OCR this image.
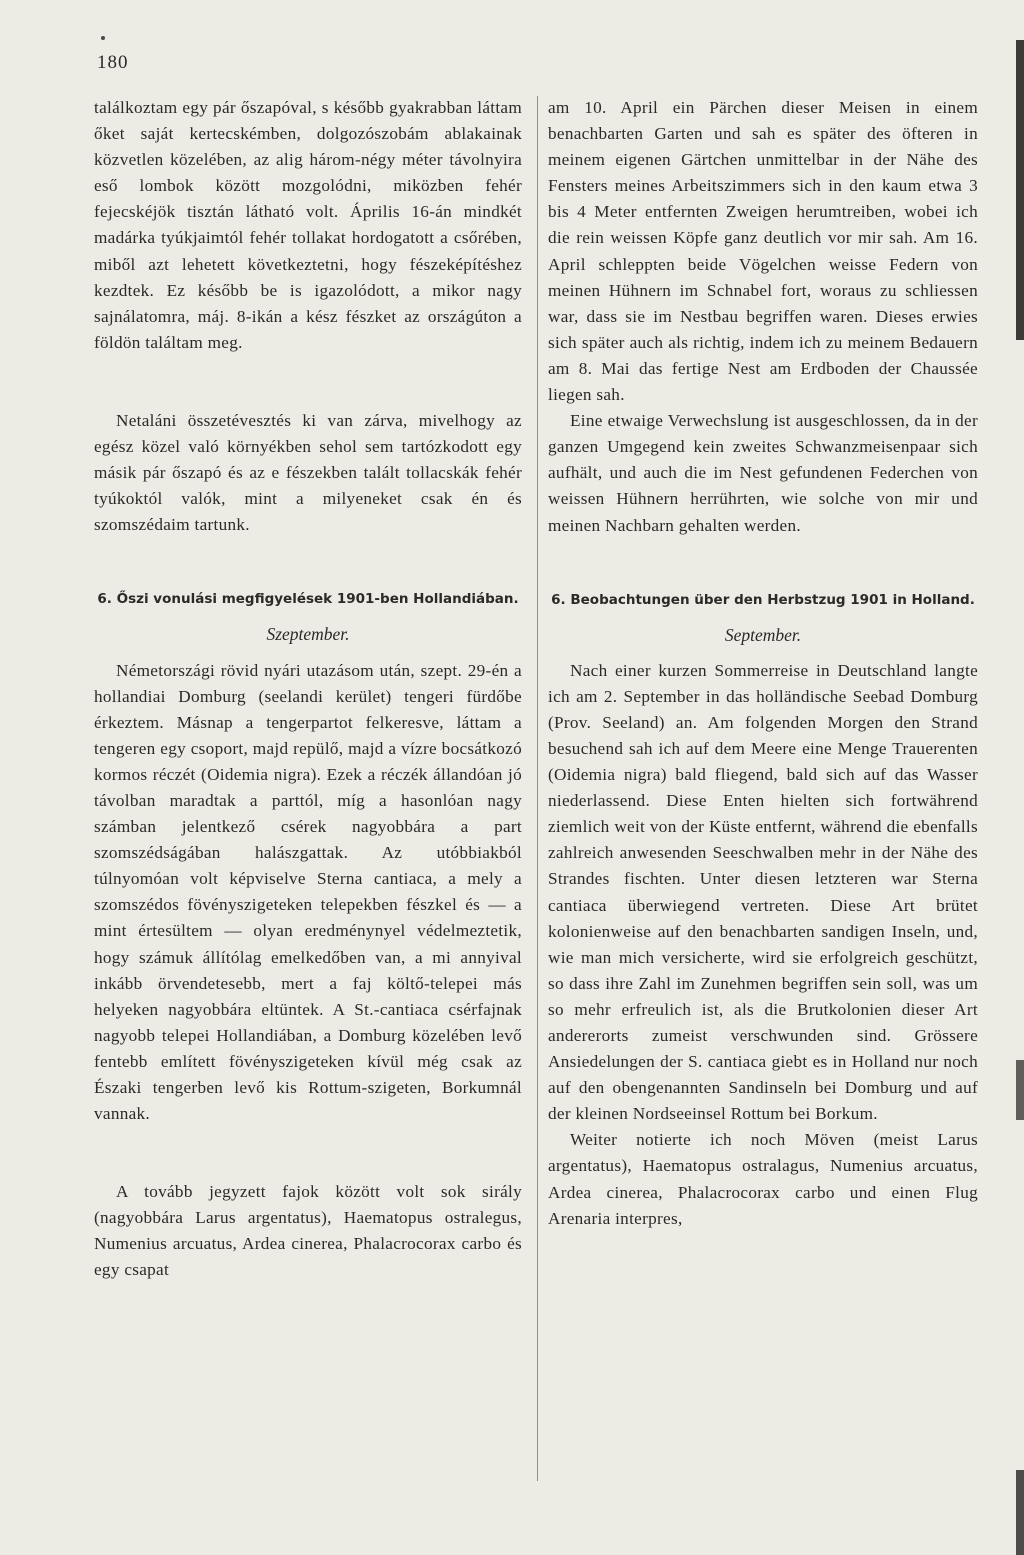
180

találkoztam egy pár őszapóval, s később gyakrabban láttam őket saját kertecskémben, dolgozószobám ablakainak közvetlen közelében, az alig három-négy méter távolnyira eső lombok között mozgolódni, miközben fehér fejecskéjök tisztán látható volt. Április 16-án mindkét madárka tyúkjaimtól fehér tollakat hordogatott a csőrében, miből azt lehetett következtetni, hogy fészeképítéshez kezdtek. Ez később be is igazolódott, a mikor nagy sajnálatomra, máj. 8-ikán a kész fészket az országúton a földön találtam meg.

Netaláni összetévesztés ki van zárva, mivelhogy az egész közel való környékben sehol sem tartózkodott egy másik pár őszapó és az e fészekben talált tollacskák fehér tyúkoktól valók, mint a milyeneket csak én és szomszédaim tartunk.

6. Őszi vonulási megfigyelések 1901-ben Hollandiában.

Szeptember.

Németországi rövid nyári utazásom után, szept. 29-én a hollandiai Domburg (seelandi kerület) tengeri fürdőbe érkeztem. Másnap a tengerpartot felkeresve, láttam a tengeren egy csoport, majd repülő, majd a vízre bocsátkozó kormos réczét (Oidemia nigra). Ezek a réczék állandóan jó távolban maradtak a parttól, míg a hasonlóan nagy számban jelentkező csérek nagyobbára a part szomszédságában halászgattak. Az utóbbiakból túlnyomóan volt képviselve Sterna cantiaca, a mely a szomszédos fövényszigeteken telepekben fészkel és — a mint értesültem — olyan eredménynyel védelmeztetik, hogy számuk állítólag emelkedőben van, a mi annyival inkább örvendetesebb, mert a faj költő-telepei más helyeken nagyobbára eltüntek. A St.-cantiaca csérfajnak nagyobb telepei Hollandiában, a Domburg közelében levő fentebb említett fövényszigeteken kívül még csak az Északi tengerben levő kis Rottum-szigeten, Borkumnál vannak.

A tovább jegyzett fajok között volt sok sirály (nagyobbára Larus argentatus), Haematopus ostralegus, Numenius arcuatus, Ardea cinerea, Phalacrocorax carbo és egy csapat

am 10. April ein Pärchen dieser Meisen in einem benachbarten Garten und sah es später des öfteren in meinem eigenen Gärtchen unmittelbar in der Nähe des Fensters meines Arbeitszimmers sich in den kaum etwa 3 bis 4 Meter entfernten Zweigen herumtreiben, wobei ich die rein weissen Köpfe ganz deutlich vor mir sah. Am 16. April schleppten beide Vögelchen weisse Federn von meinen Hühnern im Schnabel fort, woraus zu schliessen war, dass sie im Nestbau begriffen waren. Dieses erwies sich später auch als richtig, indem ich zu meinem Bedauern am 8. Mai das fertige Nest am Erdboden der Chaussée liegen sah.

Eine etwaige Verwechslung ist ausgeschlossen, da in der ganzen Umgegend kein zweites Schwanzmeisenpaar sich aufhält, und auch die im Nest gefundenen Federchen von weissen Hühnern herrührten, wie solche von mir und meinen Nachbarn gehalten werden.

6. Beobachtungen über den Herbstzug 1901 in Holland.

September.

Nach einer kurzen Sommerreise in Deutschland langte ich am 2. September in das holländische Seebad Domburg (Prov. Seeland) an. Am folgenden Morgen den Strand besuchend sah ich auf dem Meere eine Menge Trauerenten (Oidemia nigra) bald fliegend, bald sich auf das Wasser niederlassend. Diese Enten hielten sich fortwährend ziemlich weit von der Küste entfernt, während die ebenfalls zahlreich anwesenden Seeschwalben mehr in der Nähe des Strandes fischten. Unter diesen letzteren war Sterna cantiaca überwiegend vertreten. Diese Art brütet kolonienweise auf den benachbarten sandigen Inseln, und, wie man mich versicherte, wird sie erfolgreich geschützt, so dass ihre Zahl im Zunehmen begriffen sein soll, was um so mehr erfreulich ist, als die Brutkolonien dieser Art andererorts zumeist verschwunden sind. Grössere Ansiedelungen der S. cantiaca giebt es in Holland nur noch auf den obengenannten Sandinseln bei Domburg und auf der kleinen Nordseeinsel Rottum bei Borkum.

Weiter notierte ich noch Möven (meist Larus argentatus), Haematopus ostralagus, Numenius arcuatus, Ardea cinerea, Phalacrocorax carbo und einen Flug Arenaria interpres,
